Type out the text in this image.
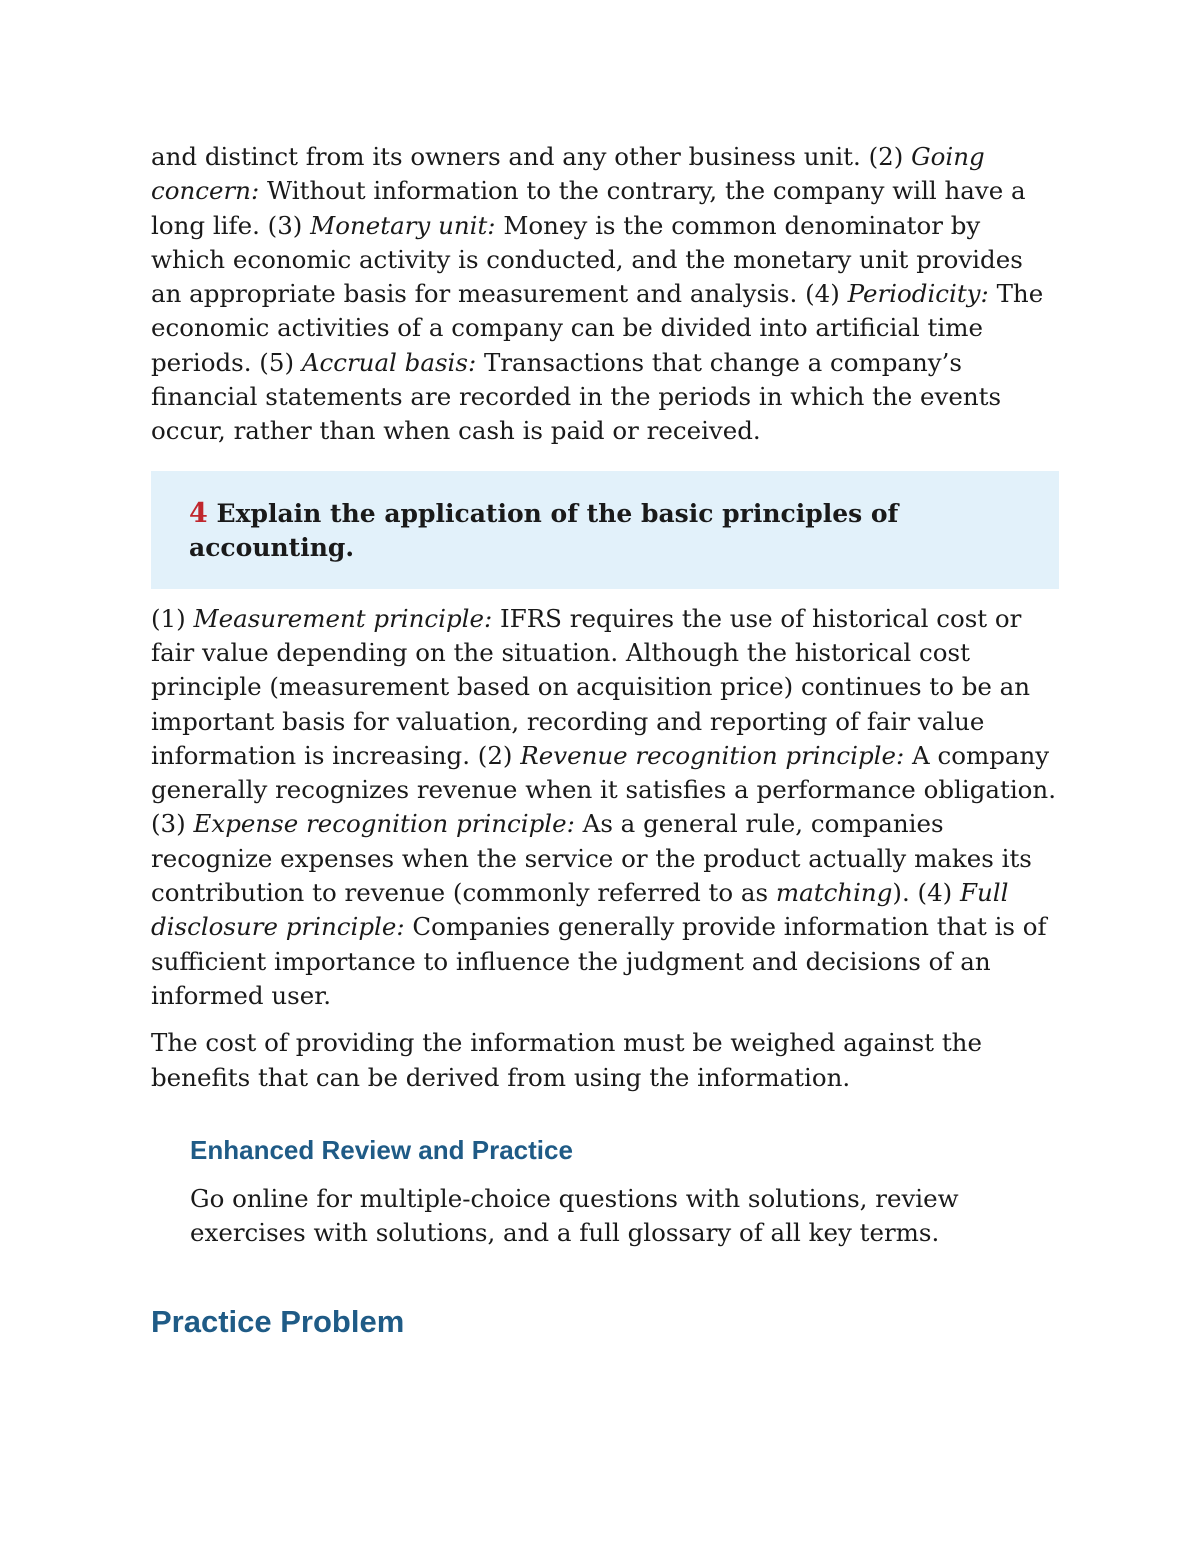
and distinct from its owners and any other business unit. (2) Going concern: Without information to the contrary, the company will have a long life. (3) Monetary unit: Money is the common denominator by which economic activity is conducted, and the monetary unit provides an appropriate basis for measurement and analysis. (4) Periodicity: The economic activities of a company can be divided into artificial time periods. (5) Accrual basis: Transactions that change a company’s financial statements are recorded in the periods in which the events occur, rather than when cash is paid or received.

4 Explain the application of the basic principles of accounting.

(1) Measurement principle: IFRS requires the use of historical cost or fair value depending on the situation. Although the historical cost principle (measurement based on acquisition price) continues to be an important basis for valuation, recording and reporting of fair value information is increasing. (2) Revenue recognition principle: A company generally recognizes revenue when it satisfies a performance obligation. (3) Expense recognition principle: As a general rule, companies recognize expenses when the service or the product actually makes its contribution to revenue (commonly referred to as matching). (4) Full disclosure principle: Companies generally provide information that is of sufficient importance to influence the judgment and decisions of an informed user.

The cost of providing the information must be weighed against the benefits that can be derived from using the information.

Enhanced Review and Practice

Go online for multiple-choice questions with solutions, review exercises with solutions, and a full glossary of all key terms.

Practice Problem
